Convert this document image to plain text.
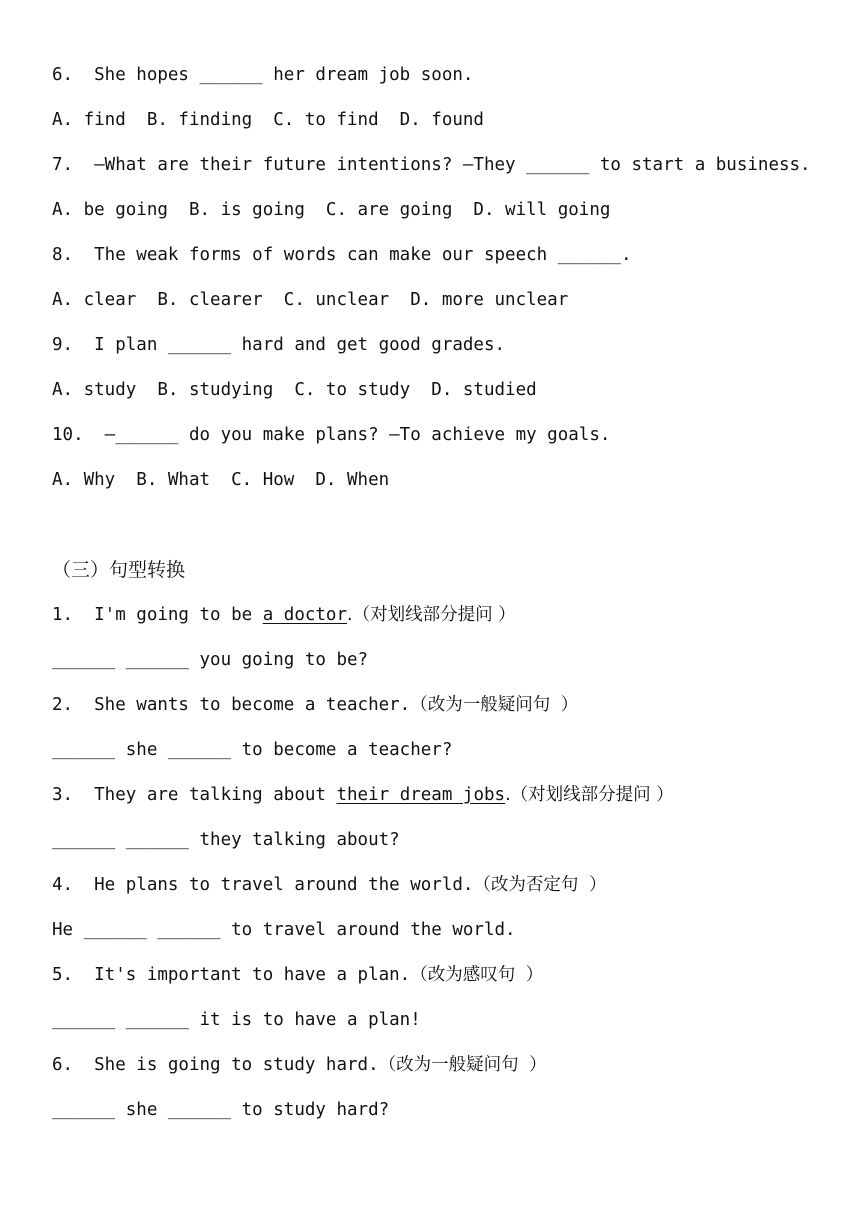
6.  She hopes ______ her dream job soon.
A. find  B. finding  C. to find  D. found
7.  —What are their future intentions? —They ______ to start a business.
A. be going  B. is going  C. are going  D. will going
8.  The weak forms of words can make our speech ______.
A. clear  B. clearer  C. unclear  D. more unclear
9.  I plan ______ hard and get good grades.
A. study  B. studying  C. to study  D. studied
10.  —______ do you make plans? —To achieve my goals.
A. Why  B. What  C. How  D. When
（三）句型转换
1.  I'm going to be a doctor.（对划线部分提问 ）
______ ______ you going to be?
2.  She wants to become a teacher.（改为一般疑问句 ）
______ she ______ to become a teacher?
3.  They are talking about their dream jobs.（对划线部分提问 ）
______ ______ they talking about?
4.  He plans to travel around the world.（改为否定句 ）
He ______ ______ to travel around the world.
5.  It's important to have a plan.（改为感叹句 ）
______ ______ it is to have a plan!
6.  She is going to study hard.（改为一般疑问句 ）
______ she ______ to study hard?
